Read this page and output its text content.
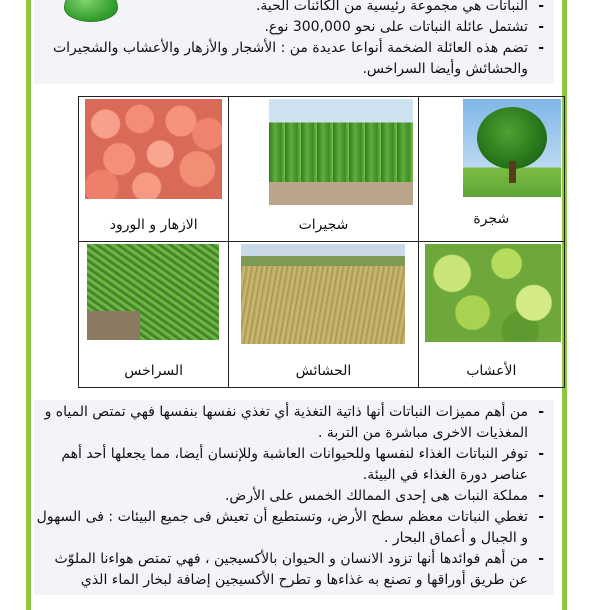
- النباتات هي مجموعة رئيسية من الكائنات الحية.
- تشتمل عائلة النباتات على نحو 300,000 نوع.
- تضم هذه العائلة الضخمة أنواعا عديدة من : الأشجار والأزهار والأعشاب والشجيرات والحشائش وأيضا السراخس.
الازهار و الورود	شجيرات	شجرة

السراخس	الحشائش	الأعشاب
- من أهم مميزات النباتات أنها ذاتية التغذية أي تغذي نفسها بنفسها فهي تمتص المياه و المغذيات الاخرى مباشرة من التربة .
- توفر النباتات الغذاء لنفسها وللحيوانات العاشبة وللإنسان أيضا، مما يجعلها أحد أهم عناصر دورة الغذاء في البيئة.
- مملكة النبات هى إحدى الممالك الخمس على الأرض.
- تغطي النباتات معظم سطح الأرض، وتستطيع أن تعيش فى جميع البيئات : فى السهول و الجبال و أعماق البحار .
- من أهم فوائدها أنها تزود الانسان و الحيوان بالأكسيجين ، فهي تمتص هواءنا الملوّث عن طريق أوراقها و تصنع به غذاءها و تطرح الأكسيجين إضافة لبخار الماء الذي
